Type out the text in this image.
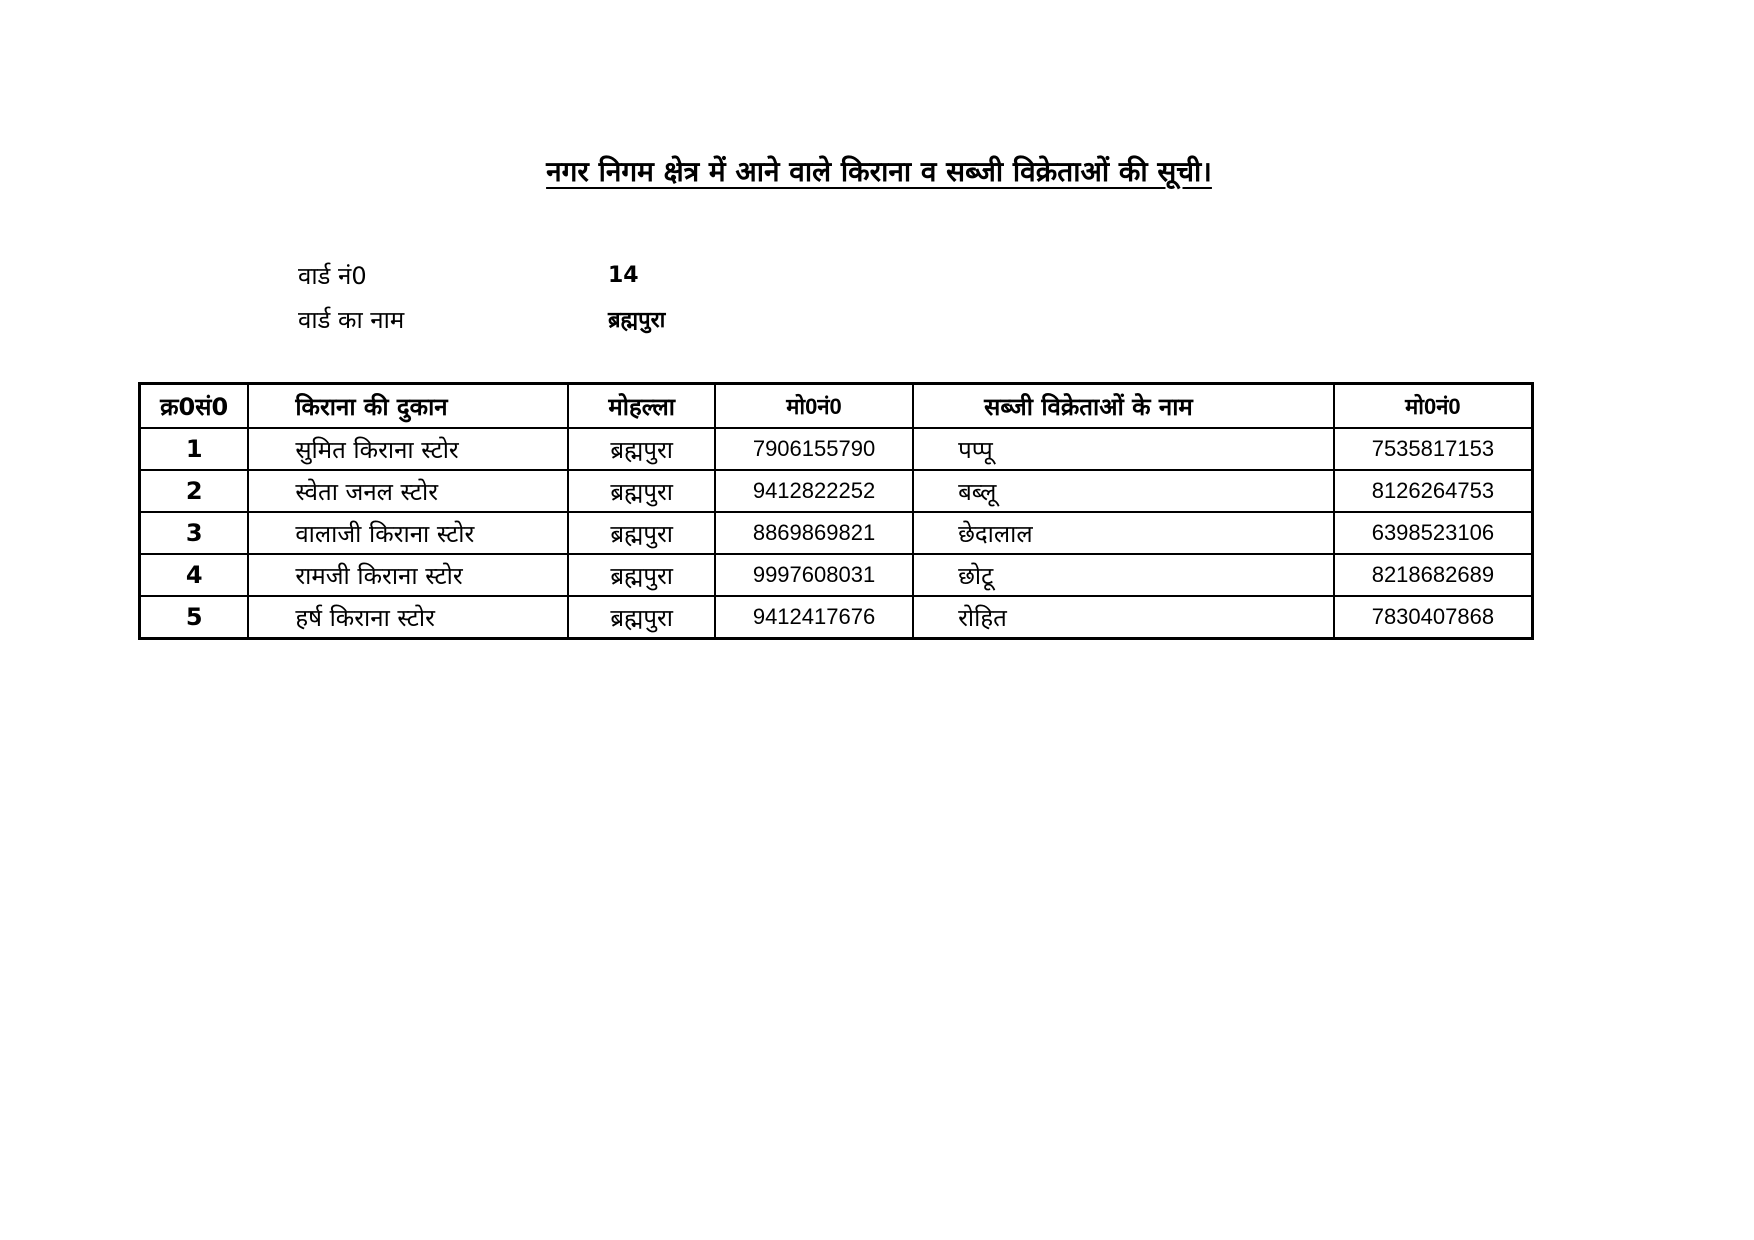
नगर निगम क्षेत्र में आने वाले किराना व सब्जी विक्रेताओं की सूची।
वार्ड नं0	14
वार्ड का नाम	ब्रह्मपुरा
क्र0सं0	किराना की दुकान	मोहल्ला	मो0नं0	सब्जी विक्रेताओं के नाम	मो0नं0
1	सुमित किराना स्टोर	ब्रह्मपुरा	7906155790	पप्पू	7535817153
2	स्वेता जनल स्टोर	ब्रह्मपुरा	9412822252	बब्लू	8126264753
3	वालाजी किराना स्टोर	ब्रह्मपुरा	8869869821	छेदालाल	6398523106
4	रामजी किराना स्टोर	ब्रह्मपुरा	9997608031	छोटू	8218682689
5	हर्ष किराना स्टोर	ब्रह्मपुरा	9412417676	रोहित	7830407868
